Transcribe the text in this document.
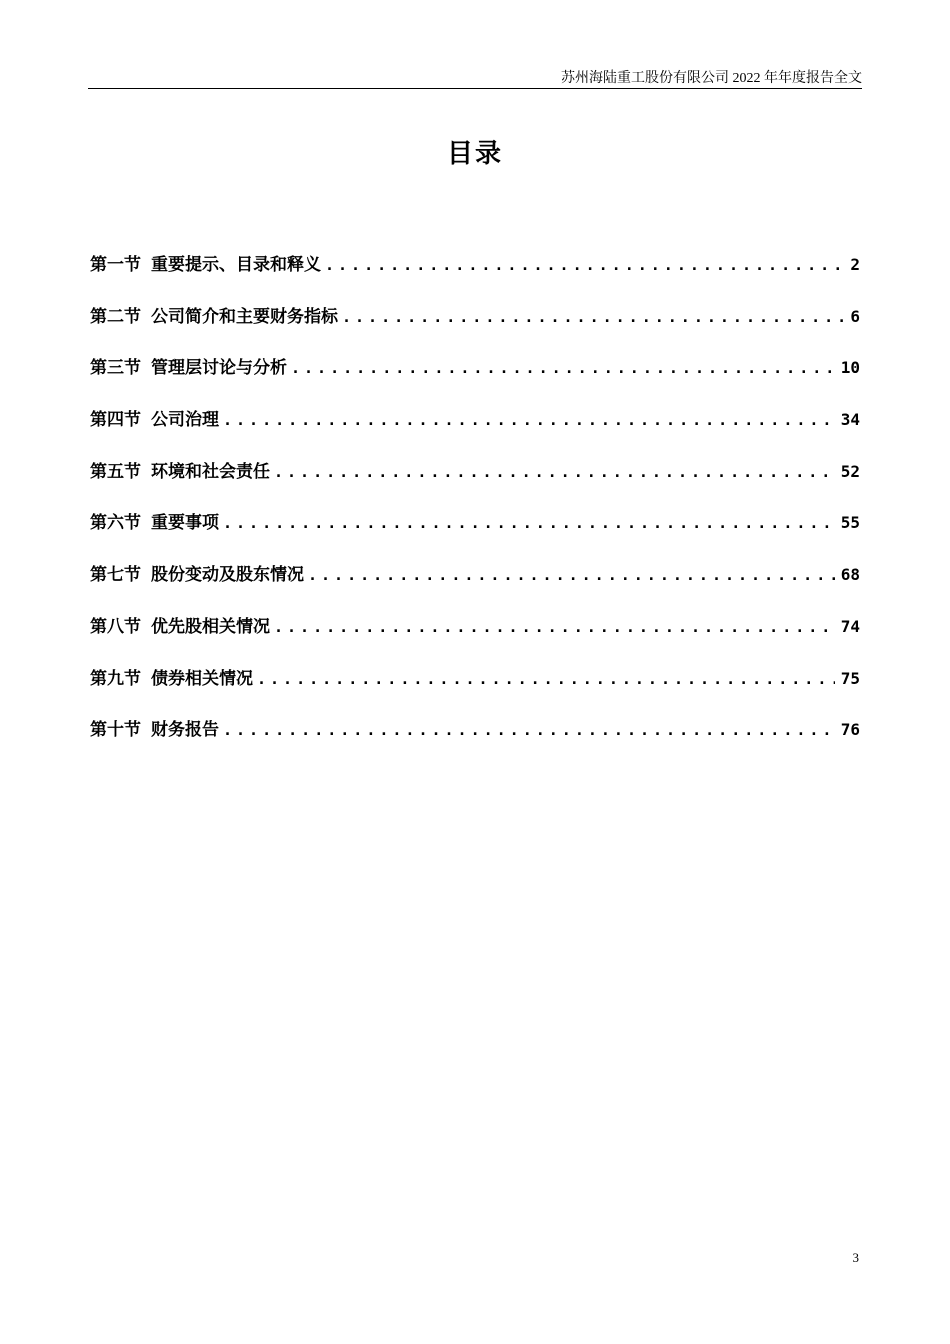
苏州海陆重工股份有限公司 2022 年年度报告全文
目录
第一节 重要提示、目录和释义 .....	2
第二节 公司简介和主要财务指标 .....	6
第三节 管理层讨论与分析 .....	10
第四节 公司治理 .....	34
第五节 环境和社会责任 .....	52
第六节 重要事项 .....	55
第七节 股份变动及股东情况 .....	68
第八节 优先股相关情况 .....	74
第九节 债券相关情况 .....	75
第十节 财务报告 .....	76
3
